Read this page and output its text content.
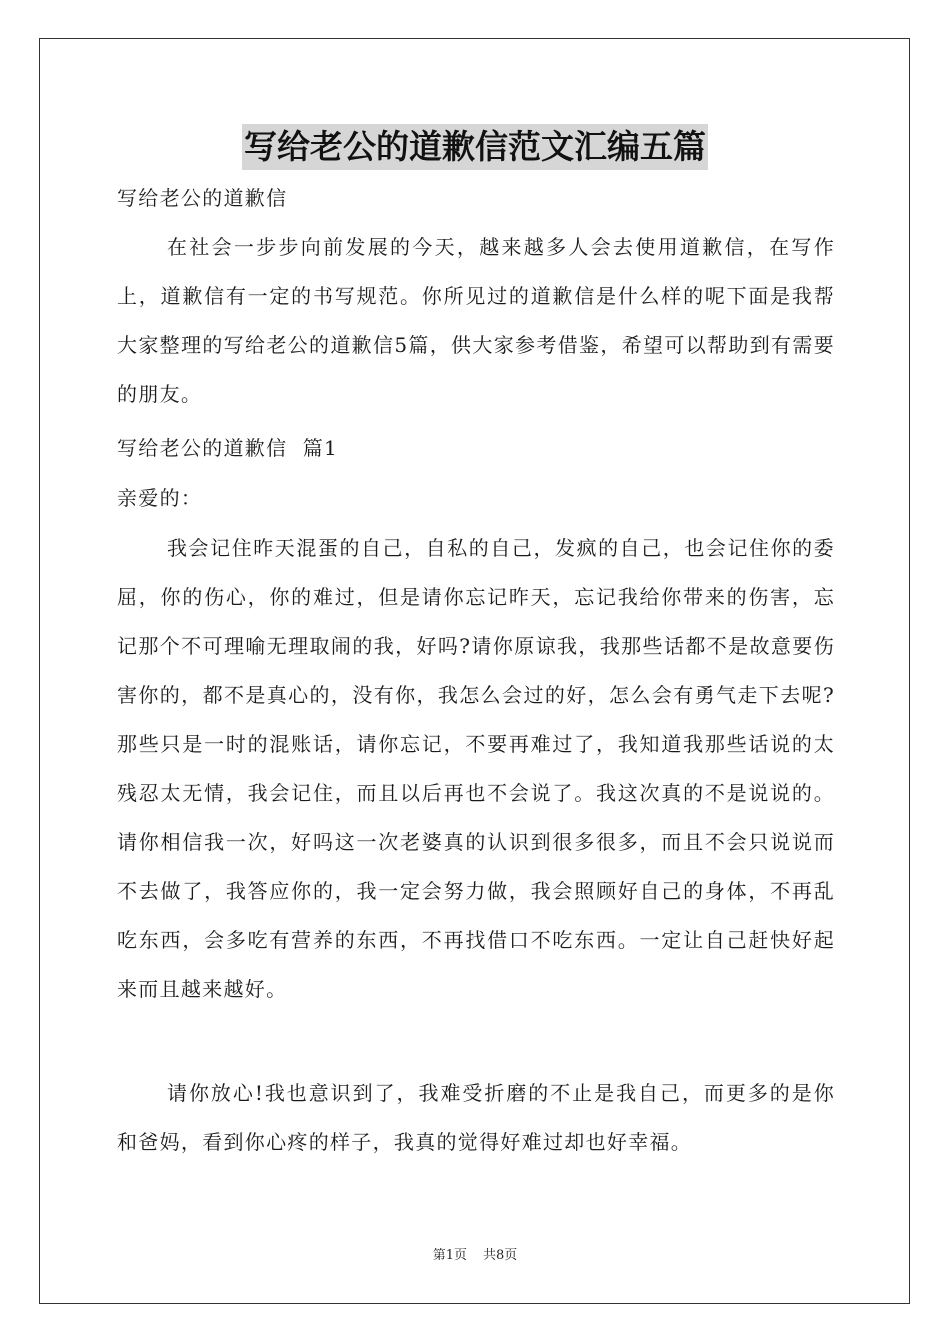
写给老公的道歉信范文汇编五篇

写给老公的道歉信

在社会一步步向前发展的今天，越来越多人会去使用道歉信，在写作上，道歉信有一定的书写规范。你所见过的道歉信是什么样的呢下面是我帮大家整理的写给老公的道歉信5篇，供大家参考借鉴，希望可以帮助到有需要的朋友。

写给老公的道歉信  篇1

亲爱的：

我会记住昨天混蛋的自己，自私的自己，发疯的自己，也会记住你的委屈，你的伤心，你的难过，但是请你忘记昨天，忘记我给你带来的伤害，忘记那个不可理喻无理取闹的我，好吗?请你原谅我，我那些话都不是故意要伤害你的，都不是真心的，没有你，我怎么会过的好，怎么会有勇气走下去呢?那些只是一时的混账话，请你忘记，不要再难过了，我知道我那些话说的太残忍太无情，我会记住，而且以后再也不会说了。我这次真的不是说说的。请你相信我一次，好吗这一次老婆真的认识到很多很多，而且不会只说说而不去做了，我答应你的，我一定会努力做，我会照顾好自己的身体，不再乱吃东西，会多吃有营养的东西，不再找借口不吃东西。一定让自己赶快好起来而且越来越好。

请你放心!我也意识到了，我难受折磨的不止是我自己，而更多的是你和爸妈，看到你心疼的样子，我真的觉得好难过却也好幸福。

第1页 共8页
